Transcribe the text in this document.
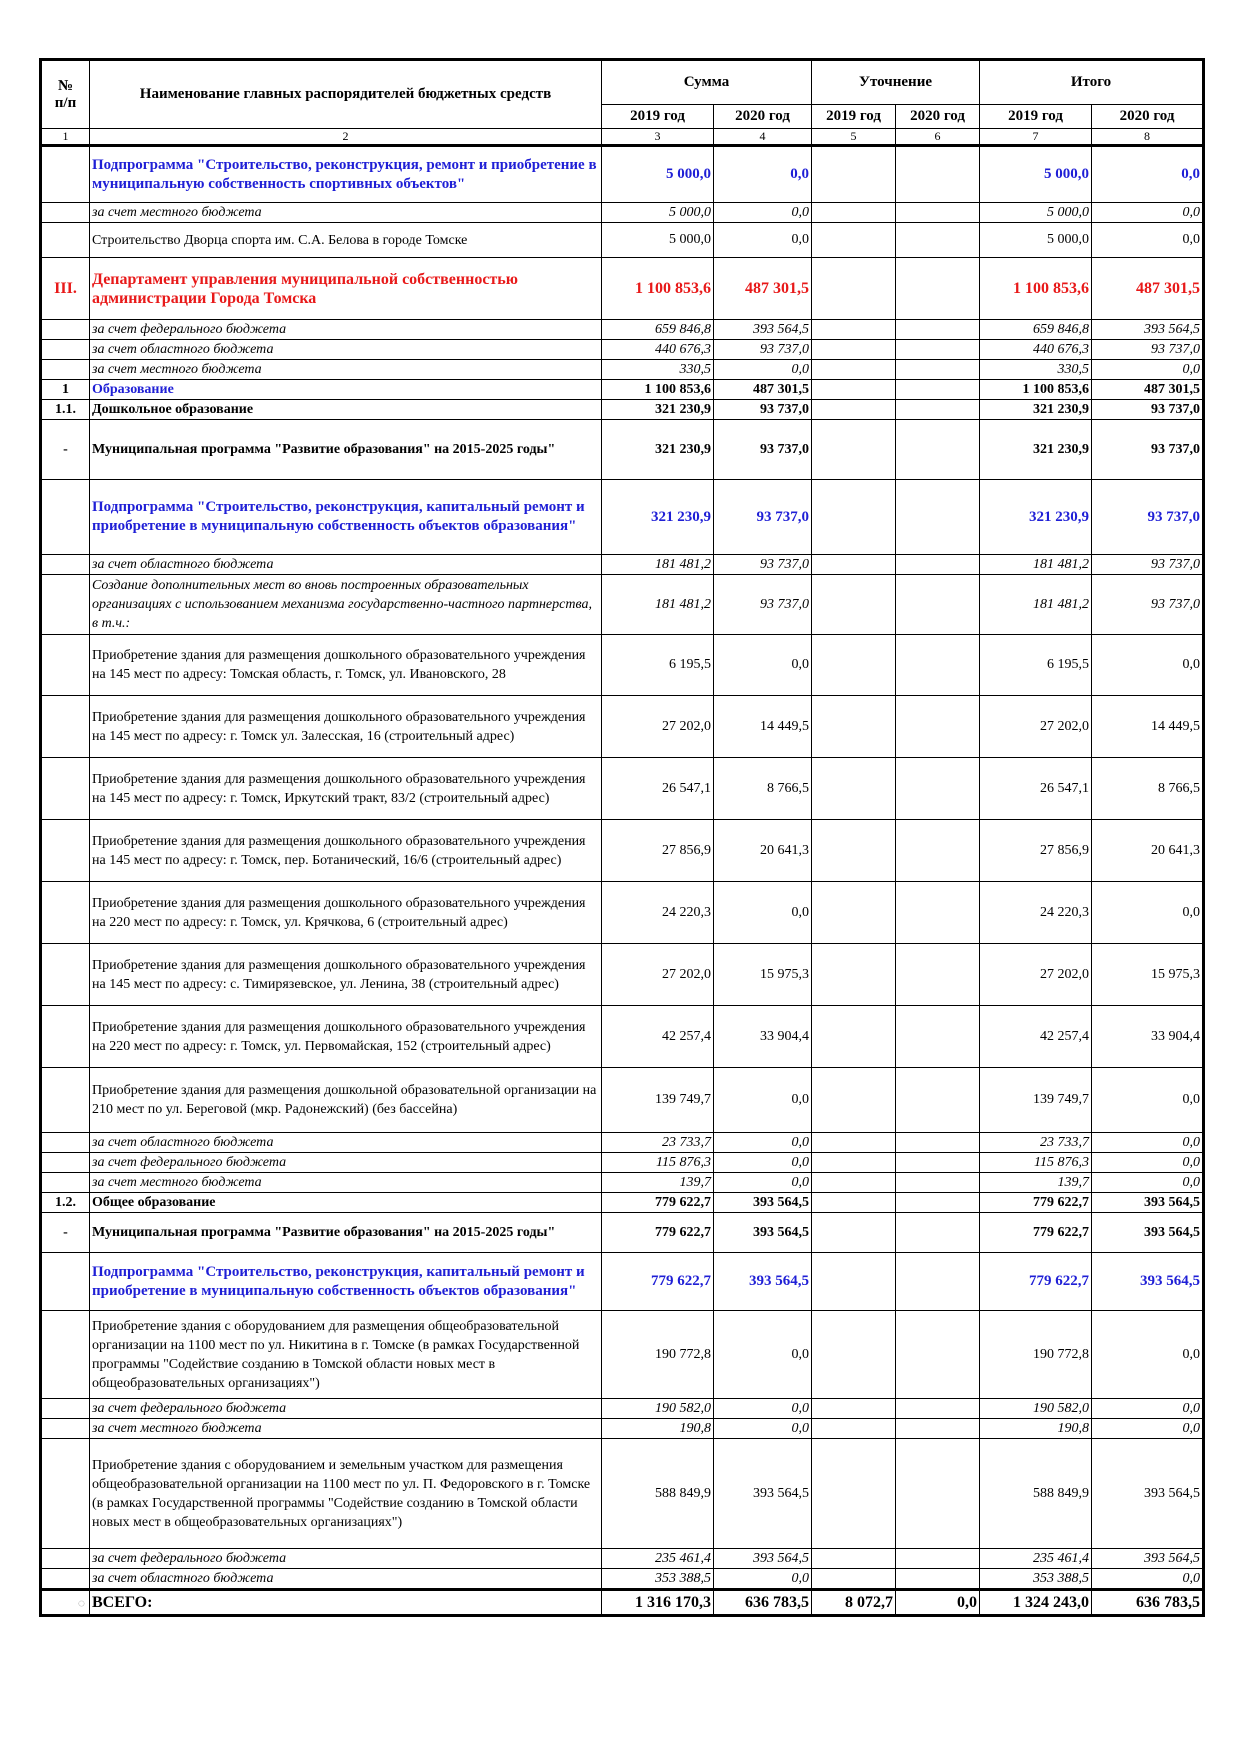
№
п/п	Наименование главных распорядителей бюджетных средств	Сумма		Уточнение		Итого	
		2019 год	2020 год	2019 год	2020 год	2019 год	2020 год
1	2	3	4	5	6	7	8
	Подпрограмма "Строительство, реконструкция, ремонт и приобретение в муниципальную собственность спортивных объектов"	5 000,0	0,0			5 000,0	0,0
	за счет местного бюджета	5 000,0	0,0			5 000,0	0,0
	Строительство Дворца спорта им. С.А. Белова в городе Томске	5 000,0	0,0			5 000,0	0,0
III.	Департамент управления муниципальной собственностью администрации Города Томска	1 100 853,6	487 301,5			1 100 853,6	487 301,5
	за счет федерального бюджета	659 846,8	393 564,5			659 846,8	393 564,5
	за счет областного бюджета	440 676,3	93 737,0			440 676,3	93 737,0
	за счет местного бюджета	330,5	0,0			330,5	0,0
1	Образование	1 100 853,6	487 301,5			1 100 853,6	487 301,5
1.1.	Дошкольное образование	321 230,9	93 737,0			321 230,9	93 737,0
-	Муниципальная программа "Развитие образования" на 2015-2025 годы"	321 230,9	93 737,0			321 230,9	93 737,0
	Подпрограмма "Строительство, реконструкция, капитальный ремонт и приобретение в муниципальную собственность объектов образования"	321 230,9	93 737,0			321 230,9	93 737,0
	за счет областного бюджета	181 481,2	93 737,0			181 481,2	93 737,0
	Создание дополнительных мест во вновь построенных образовательных организациях с использованием механизма государственно-частного партнерства, в т.ч.:	181 481,2	93 737,0			181 481,2	93 737,0
	Приобретение здания для размещения дошкольного образовательного учреждения на 145 мест по адресу: Томская область, г. Томск, ул. Ивановского, 28	6 195,5	0,0			6 195,5	0,0
	Приобретение здания для размещения дошкольного образовательного учреждения на 145 мест по адресу: г. Томск ул. Залесская, 16 (строительный адрес)	27 202,0	14 449,5			27 202,0	14 449,5
	Приобретение здания для размещения дошкольного образовательного учреждения на 145 мест по адресу: г. Томск, Иркутский тракт, 83/2 (строительный адрес)	26 547,1	8 766,5			26 547,1	8 766,5
	Приобретение здания для размещения дошкольного образовательного учреждения на 145 мест по адресу: г. Томск, пер. Ботанический, 16/6 (строительный адрес)	27 856,9	20 641,3			27 856,9	20 641,3
	Приобретение здания для размещения дошкольного образовательного учреждения на 220 мест по адресу: г. Томск, ул. Крячкова, 6 (строительный адрес)	24 220,3	0,0			24 220,3	0,0
	Приобретение здания для размещения дошкольного образовательного учреждения на 145 мест по адресу: с. Тимирязевское, ул. Ленина, 38 (строительный адрес)	27 202,0	15 975,3			27 202,0	15 975,3
	Приобретение здания для размещения дошкольного образовательного учреждения на 220 мест по адресу: г. Томск, ул. Первомайская, 152 (строительный адрес)	42 257,4	33 904,4			42 257,4	33 904,4
	Приобретение здания для размещения дошкольной образовательной организации на 210 мест по ул. Береговой (мкр. Радонежский) (без бассейна)	139 749,7	0,0			139 749,7	0,0
	за счет областного бюджета	23 733,7	0,0			23 733,7	0,0
	за счет федерального бюджета	115 876,3	0,0			115 876,3	0,0
	за счет местного бюджета	139,7	0,0			139,7	0,0
1.2.	Общее образование	779 622,7	393 564,5			779 622,7	393 564,5
-	Муниципальная программа "Развитие образования" на 2015-2025 годы"	779 622,7	393 564,5			779 622,7	393 564,5
	Подпрограмма "Строительство, реконструкция, капитальный ремонт и приобретение в муниципальную собственность объектов образования"	779 622,7	393 564,5			779 622,7	393 564,5
	Приобретение здания с оборудованием для размещения общеобразовательной организации на 1100 мест по ул. Никитина в г. Томске (в рамках Государственной программы "Содействие созданию в Томской области новых мест в общеобразовательных организациях")	190 772,8	0,0			190 772,8	0,0
	за счет федерального бюджета	190 582,0	0,0			190 582,0	0,0
	за счет местного бюджета	190,8	0,0			190,8	0,0
	Приобретение здания с оборудованием и земельным участком для размещения общеобразовательной организации на 1100 мест по ул. П. Федоровского в г. Томске (в рамках Государственной программы "Содействие созданию в Томской области новых мест в общеобразовательных организациях")	588 849,9	393 564,5			588 849,9	393 564,5
	за счет федерального бюджета	235 461,4	393 564,5			235 461,4	393 564,5
	за счет областного бюджета	353 388,5	0,0			353 388,5	0,0
◌	ВСЕГО:	1 316 170,3	636 783,5	8 072,7	0,0	1 324 243,0	636 783,5
